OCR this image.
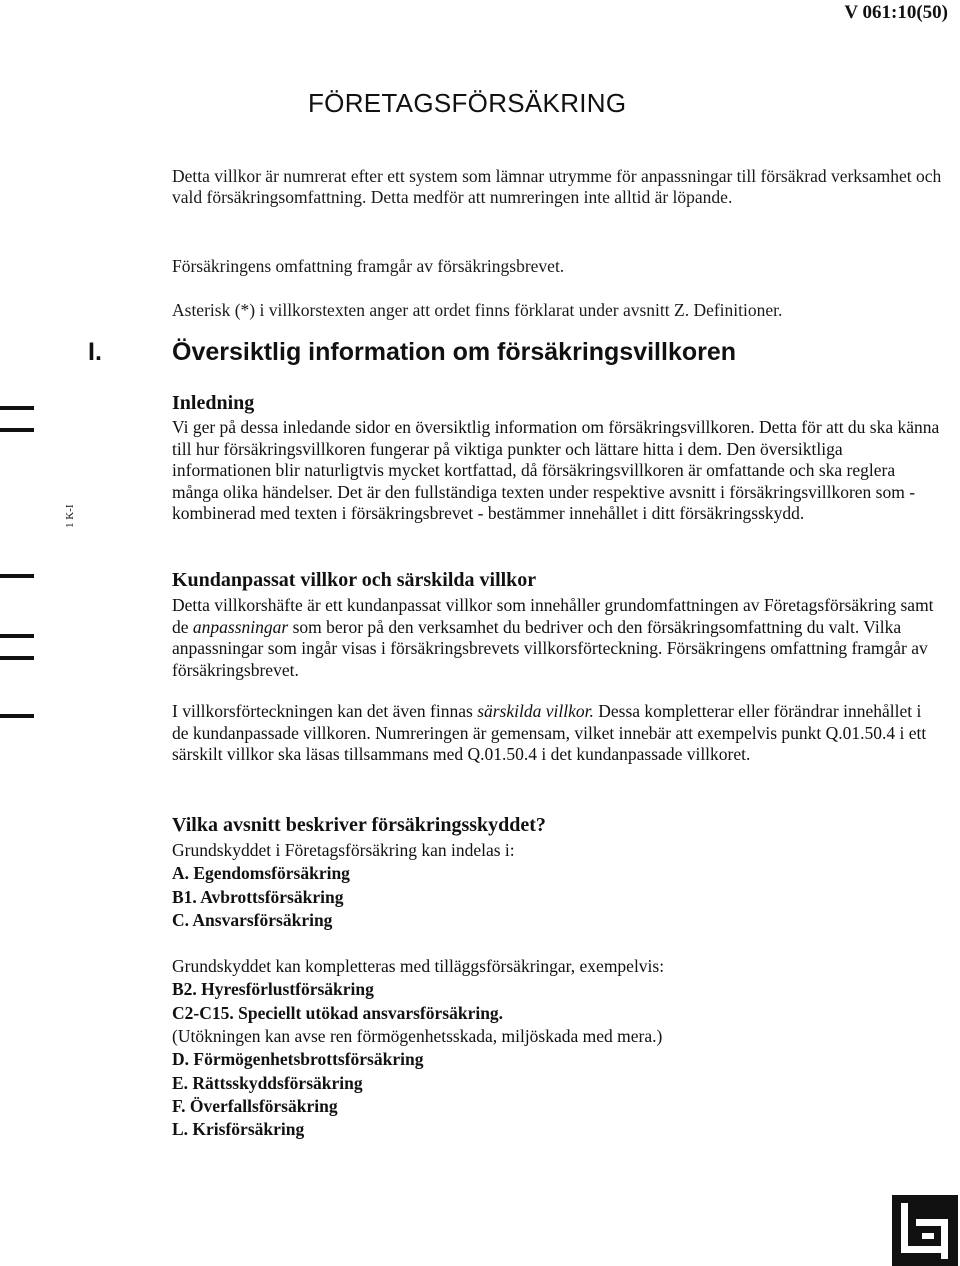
V 061:10(50)
FÖRETAGSFÖRSÄKRING

Detta villkor är numrerat efter ett system som lämnar utrymme för anpassningar till försäkrad verksamhet och vald försäkringsomfattning. Detta medför att numreringen inte alltid är löpande.

Försäkringens omfattning framgår av försäkringsbrevet.

Asterisk (*) i villkorstexten anger att ordet finns förklarat under avsnitt Z. Definitioner.

I.	Översiktlig information om försäkringsvillkoren
1 K-I
Inledning

Vi ger på dessa inledande sidor en översiktlig information om försäkringsvillkoren. Detta för att du ska känna till hur försäkringsvillkoren fungerar på viktiga punkter och lättare hitta i dem. Den översiktliga informationen blir naturligtvis mycket kortfattad, då försäkringsvillkoren är omfattande och ska reglera många olika händelser. Det är den fullständiga texten under respektive avsnitt i försäkringsvillkoren som - kombinerad med texten i försäkringsbrevet - bestämmer innehållet i ditt försäkringsskydd.

Kundanpassat villkor och särskilda villkor

Detta villkorshäfte är ett kundanpassat villkor som innehåller grundomfattningen av Företagsförsäkring samt de anpassningar som beror på den verksamhet du bedriver och den försäkringsomfattning du valt. Vilka anpassningar som ingår visas i försäkringsbrevets villkorsförteckning. Försäkringens omfattning framgår av försäkringsbrevet.

I villkorsförteckningen kan det även finnas särskilda villkor. Dessa kompletterar eller förändrar innehållet i de kundanpassade villkoren. Numreringen är gemensam, vilket innebär att exempelvis punkt Q.01.50.4 i ett särskilt villkor ska läsas tillsammans med Q.01.50.4 i det kundanpassade villkoret.

Vilka avsnitt beskriver försäkringsskyddet?

Grundskyddet i Företagsförsäkring kan indelas i:

A. Egendomsförsäkring

B1. Avbrottsförsäkring

C. Ansvarsförsäkring

Grundskyddet kan kompletteras med tilläggsförsäkringar, exempelvis:

B2. Hyresförlustförsäkring

C2-C15. Speciellt utökad ansvarsförsäkring.

(Utökningen kan avse ren förmögenhetsskada, miljöskada med mera.)

D. Förmögenhetsbrottsförsäkring

E. Rättsskyddsförsäkring

F. Överfallsförsäkring

L. Krisförsäkring
